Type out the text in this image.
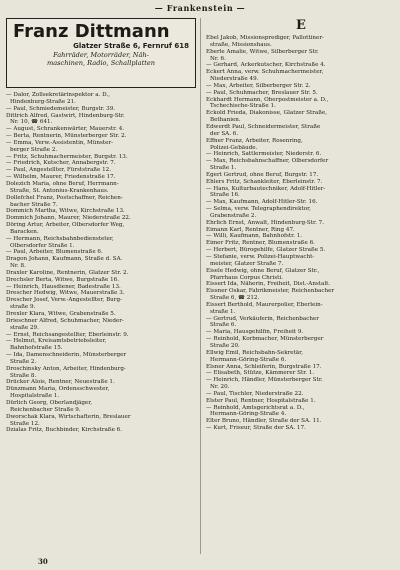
— Frankenstein —
Franz Dittmann
Glatzer Straße 6, Fernruf 618
Fahrräder, Motorräder, Näh-
maschinen, Radio, Schallplatten
— Dalor, Zollsekretärinspektor a. D.,
Hindenburg-Straße 21.
— Paul, Schmiedemeister, Burgstr. 39.
Dittrich Alfred, Gastwirt, Hindenburg-Str.
Nr. 10, ☎ 641.
— August, Schrankenwärter, Mauerstr. 4.
— Berta, Rentnerin, Münsterberger Str. 2.
— Emma, Verw.-Assistentin, Münster-
berger Straße 2.
— Fritz, Schuhmachermeister, Burgstr. 13.
— Friedrich, Kutscher, Annabergstr. 7.
— Paul, Angestellter, Fürststraße 12.
— Wilhelm, Maurer, Friedenstraße 17.
Dolezich Maria, ohne Beruf, Herrmann-
Straße, St. Antonius-Krankenhaus.
Dollefchel Franz, Postschaffner, Reichen-
bacher Straße 7.
Dommich Martha, Witwe, Kirchstraße 13.
Dommich Johann, Maurer, Niederstraße 22.
Döring Artur, Arbeiter, Olbersdorfer Weg,
Baracken.
— Hermann, Reichsbahnbediensteter,
Olbersdorfer Straße 1.
— Paul, Arbeiter, Blumenstraße 6.
Dragon Johann, Kaufmann, Straße d. SA.
Nr. 8.
Draxler Karoline, Rentnerin, Glatzer Str. 2.
Drechsler Berta, Witwe, Burgstraße 16.
— Heinrich, Hausdiener, Badestraße 13.
Drescher Hedwig, Witwe, Mauerstraße 3.
Drescher Josef, Verw.-Angestellter, Burg-
straße 9.
Drexler Klara, Witwe, Grabenstraße 5.
Drieschner Alfred, Schuhmacher, Nieder-
straße 29.
— Ernst, Reichsangestellter, Eberleinstr. 9.
— Helmut, Kreisamtsbetriebsleiter,
Bahnhofstraße 15.
— Ida, Damenschneiderin, Münsterberger
Straße 2.
Droschinsky Anton, Arbeiter, Hindenburg-
Straße 8.
Drücker Alois, Rentner, Neuestraße 1.
Dünzmann Maria, Ordensschwester,
Hospitalstraße 1.
Dürlich Georg, Oberlandjäger,
Reichenbacher Straße 9.
Dworschak Klara, Wirtschafterin, Breslauer
Straße 12.
Dzialas Fritz, Buchbinder, Kirchstraße 6.
E
Ebel Jakob, Missionsprediger, Pallottiner-
straße, Missionshaus.
Eberle Amalie, Witwe, Silberberger Str.
Nr. 6.
— Gerhard, Ackerkutscher, Kirchstraße 4.
Eckert Anna, verw. Schuhmachermeister,
Niederstraße 49.
— Max, Arbeiter, Silberberger Str. 2.
— Paul, Schuhmacher, Breslauer Str. 5.
Eckhardt Hermann, Oberpostmeister a. D.,
Tschechische-Straße 1.
Eckold Frieda, Diakonisse, Glatzer Straße,
Bethanien.
Edwerdt Paul, Schneidermeister, Straße
der SA. 6.
Effner Franz, Arbeiter, Rosenring,
Polizei-Gebäude.
— Heinrich, Sattlermeister, Niederstr. 6.
— Max, Reichsbahnschaffner, Olbersdorfer
Straße 1.
Egert Gertrud, ohne Beruf, Burgstr. 17.
Ehlers Fritz, Schankleiter, Eberleinstr. 7.
— Hans, Kulturbautechniker, Adolf-Hitler-
Straße 16.
— Max, Kaufmann, Adolf-Hitler-Str. 16.
— Selma, verw. Telegraphendirektor,
Grabenstraße 2.
Ehrlich Ernst, Anwalt, Hindenburg-Str. 7.
Eimann Karl, Rentner, Ring 47.
— Willi, Kaufmann, Bahnhofstr. 1.
Eimer Fritz, Rentner, Blumenstraße 6.
— Herbert, Bürogehilfe, Glatzer Straße 5.
— Stefanie, verw. Polizei-Hauptwacht-
meister, Glatzer Straße 7.
Eisele Hedwig, ohne Beruf, Glatzer Str.,
Pfarrhaus Corpus Christi.
Eissert Ida, Näherin, Freiheit, Dist.-Anstalt.
Eissner Oskar, Fabrikmeister, Reichenbacher
Straße 6, ☎ 212.
Eissert Berthold, Maurerpolier, Eberlein-
straße 1.
— Gertrud, Verkäuferin, Reichenbacher
Straße 6.
— Maria, Hausgehilfin, Freiheit 9.
— Reinhold, Korbmacher, Münsterberger
Straße 20.
Ellwig Emil, Reichsbahn-Sekretär,
Hermann-Göring-Straße 6.
Elsner Anna, Schleiferin, Burgstraße 17.
— Elisabeth, Stütze, Kämmerer Str. 1.
— Heinrich, Händler, Münsterberger Str.
Nr. 20.
— Paul, Tischler, Niederstraße 22.
Elster Paul, Rentner, Hospitalstraße 1.
— Reinhold, Amtsgerichtsrat a. D.,
Hermann-Göring-Straße 4.
Elter Bruno, Händler, Straße der SA. 11.
— Kurt, Friseur, Straße der SA. 17.
30
